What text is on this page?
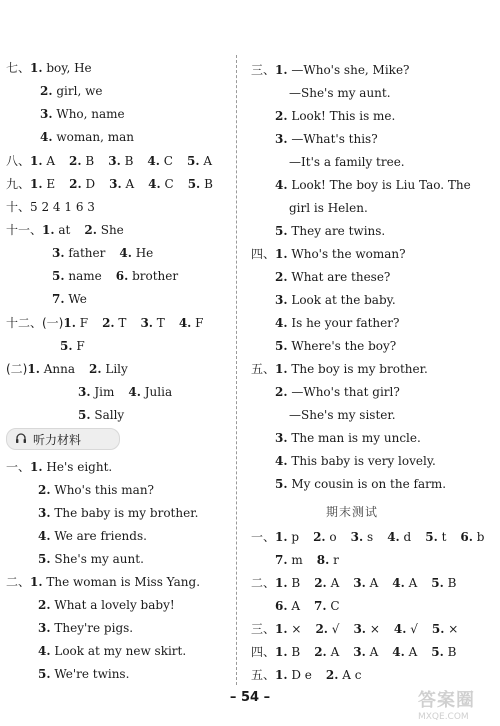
七、1. boy, He
2. girl, we
3. Who, name
4. woman, man
八、1. A 2. B 3. B 4. C 5. A
九、1. E 2. D 3. A 4. C 5. B
十、5 2 4 1 6 3
十一、1. at 2. She
3. father 4. He
5. name 6. brother
7. We
十二、(一)1. F 2. T 3. T 4. F
5. F
(二)1. Anna 2. Lily
3. Jim 4. Julia
5. Sally
一、1. He's eight.
2. Who's this man?
3. The baby is my brother.
4. We are friends.
5. She's my aunt.
二、1. The woman is Miss Yang.
2. What a lovely baby!
3. They're pigs.
4. Look at my new skirt.
5. We're twins.
三、1. —Who's she, Mike?
—She's my aunt.
2. Look! This is me.
3. —What's this?
—It's a family tree.
4. Look! The boy is Liu Tao. The
girl is Helen.
5. They are twins.
四、1. Who's the woman?
2. What are these?
3. Look at the baby.
4. Is he your father?
5. Where's the boy?
五、1. The boy is my brother.
2. —Who's that girl?
—She's my sister.
3. The man is my uncle.
4. This baby is very lovely.
5. My cousin is on the farm.
一、1. p 2. o 3. s 4. d 5. t 6. b
7. m 8. r
二、1. B 2. A 3. A 4. A 5. B
6. A 7. C
三、1. × 2. √ 3. × 4. √ 5. ×
四、1. B 2. A 3. A 4. A 5. B
五、1. D e 2. A c
听力材料
期末测试
– 54 –	答案圈
MXQE.COM
